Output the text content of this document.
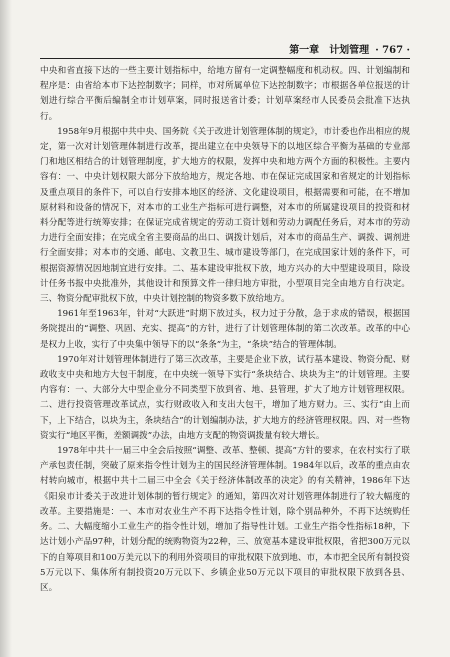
第一章 计划管理 · 767 ·

中央和省直接下达的一些主要计划指标中，给地方留有一定调整幅度和机动权。四、计划编制和程序是：由省给本市下达控制数字；同样，市对所属单位下达控制数字；市根据各单位报送的计划进行综合平衡后编制全市计划草案，同时报送省计委；计划草案经市人民委员会批准下达执行。

1958年9月根据中共中央、国务院《关于改进计划管理体制的规定》，市计委也作出相应的规定，第一次对计划管理体制进行改革，提出建立在中央领导下的以地区综合平衡为基础的专业部门和地区相结合的计划管理制度，扩大地方的权限，发挥中央和地方两个方面的积极性。主要内容有：一、中央计划权限大部分下放给地方，规定各地、市在保证完成国家和省规定的计划指标及重点项目的条件下，可以自行安排本地区的经济、文化建设项目，根据需要和可能，在不增加原材料和设备的情况下，对本市的工业生产指标可进行调整，对本市的所属建设项目的投资和材料分配等进行统筹安排；在保证完成省规定的劳动工资计划和劳动力调配任务后，对本市的劳动力进行全面安排；在完成全省主要商品的出口、调拨计划后，对本市的商品生产、调拨、调剂进行全面安排；对本市的交通、邮电、文教卫生、城市建设等部门，在完成国家计划的条件下，可根据资源情况因地制宜进行安排。二、基本建设审批权下放，地方兴办的大中型建设项目，除设计任务书报中央批准外，其他设计和预算文件一律归地方审批，小型项目完全由地方自行决定。三、物资分配审批权下放，中央计划控制的物资多数下放给地方。

1961年至1963年，针对“大跃进”时期下放过头，权力过于分散，急于求成的错误，根据国务院提出的“调整、巩固、充实、提高”的方针，进行了计划管理体制的第二次改革。改革的中心是权力上收，实行了中央集中领导下的以“条条”为主，“条块”结合的管理体制。

1970年对计划管理体制进行了第三次改革，主要是企业下放，试行基本建设、物资分配、财政收支中央和地方大包干制度，在中央统一领导下实行“条块结合、块块为主”的计划管理。主要内容有：一、大部分大中型企业分不同类型下放到省、地、县管理，扩大了地方计划管理权限。二、进行投资管理改革试点，实行财政收入和支出大包干，增加了地方财力。三、实行“由上而下，上下结合，以块为主，条块结合”的计划编制办法，扩大地方的经济管理权限。四、对一些物资实行“地区平衡，差额调拨”办法，由地方支配的物资调拨量有较大增长。

1978年中共十一届三中全会后按照“调整、改革、整顿、提高”方针的要求，在农村实行了联产承包责任制，突破了原来指令性计划为主的国民经济管理体制。1984年以后，改革的重点由农村转向城市，根据中共十二届三中全会《关于经济体制改革的决定》的有关精神，1986年下达《阳泉市计委关于改进计划体制的暂行规定》的通知，第四次对计划管理体制进行了较大幅度的改革。主要措施是：一、本市对农业生产不再下达指令性计划，除个别品种外，不再下达统购任务。二、大幅度缩小工业生产的指令性计划，增加了指导性计划。工业生产指令性指标18种，下达计划小产品97种，计划分配的统购物资为22种，三、放宽基本建设审批权限，省把300万元以下的自筹项目和100万美元以下的利用外资项目的审批权限下放到地、市，本市把全民所有制投资5万元以下、集体所有制投资20万元以下、乡镇企业50万元以下项目的审批权限下放到各县、区。
